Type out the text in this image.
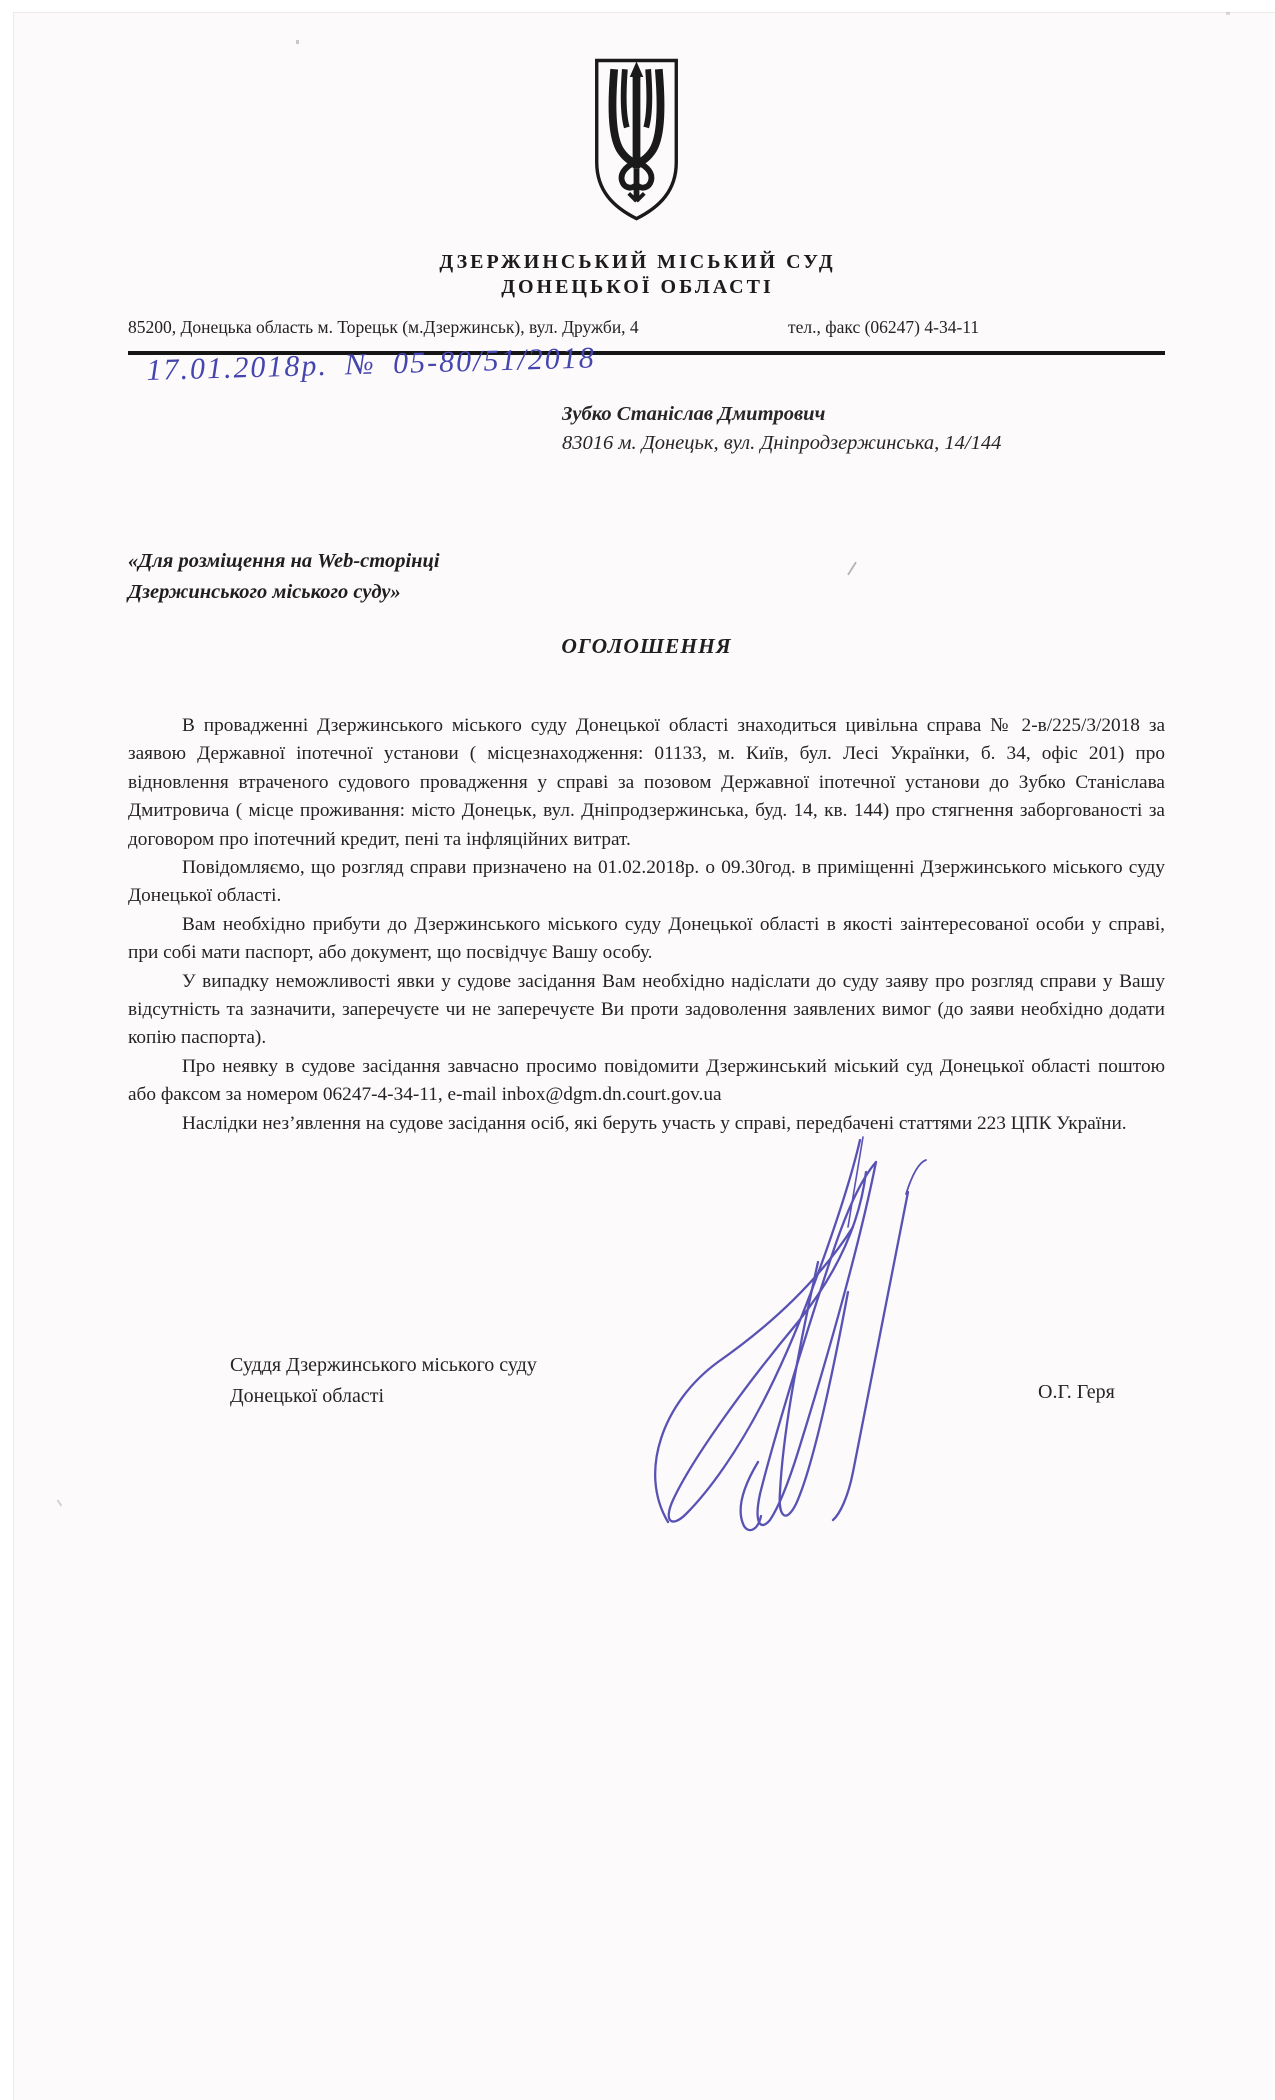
ДЗЕРЖИНСЬКИЙ МІСЬКИЙ СУД
ДОНЕЦЬКОЇ ОБЛАСТІ
85200, Донецька область м. Торецьк (м.Дзержинськ), вул. Дружби, 4	тел., факс (06247) 4-34-11
17.01.2018р. № 05-80/51/2018
Зубко Станіслав Дмитрович
83016 м. Донецьк, вул. Дніпродзержинська, 14/144
«Для розміщення на Web-сторінці
Дзержинського міського суду»
ОГОЛОШЕННЯ

В провадженні Дзержинського міського суду Донецької області знаходиться цивільна справа № 2-в/225/3/2018 за заявою Державної іпотечної установи ( місцезнаходження: 01133, м. Київ, бул. Лесі Українки, б. 34, офіс 201) про відновлення втраченого судового провадження у справі за позовом Державної іпотечної установи до Зубко Станіслава Дмитровича ( місце проживання: місто Донецьк, вул. Дніпродзержинська, буд. 14, кв. 144) про стягнення заборгованості за договором про іпотечний кредит, пені та інфляційних витрат.

Повідомляємо, що розгляд справи призначено на 01.02.2018р. о 09.30год. в приміщенні Дзержинського міського суду Донецької області.

Вам необхідно прибути до Дзержинського міського суду Донецької області в якості заінтересованої особи у справі, при собі мати паспорт, або документ, що посвідчує Вашу особу.

У випадку неможливості явки у судове засідання Вам необхідно надіслати до суду заяву про розгляд справи у Вашу відсутність та зазначити, заперечуєте чи не заперечуєте Ви проти задоволення заявлених вимог (до заяви необхідно додати копію паспорта).

Про неявку в судове засідання завчасно просимо повідомити Дзержинський міський суд Донецької області поштою або факсом за номером 06247-4-34-11, e-mail inbox@dgm.dn.court.gov.ua

Наслідки нез’явлення на судове засідання осіб, які беруть участь у справі, передбачені статтями 223 ЦПК України.

Суддя Дзержинського міського суду
Донецької області	О.Г. Геря
